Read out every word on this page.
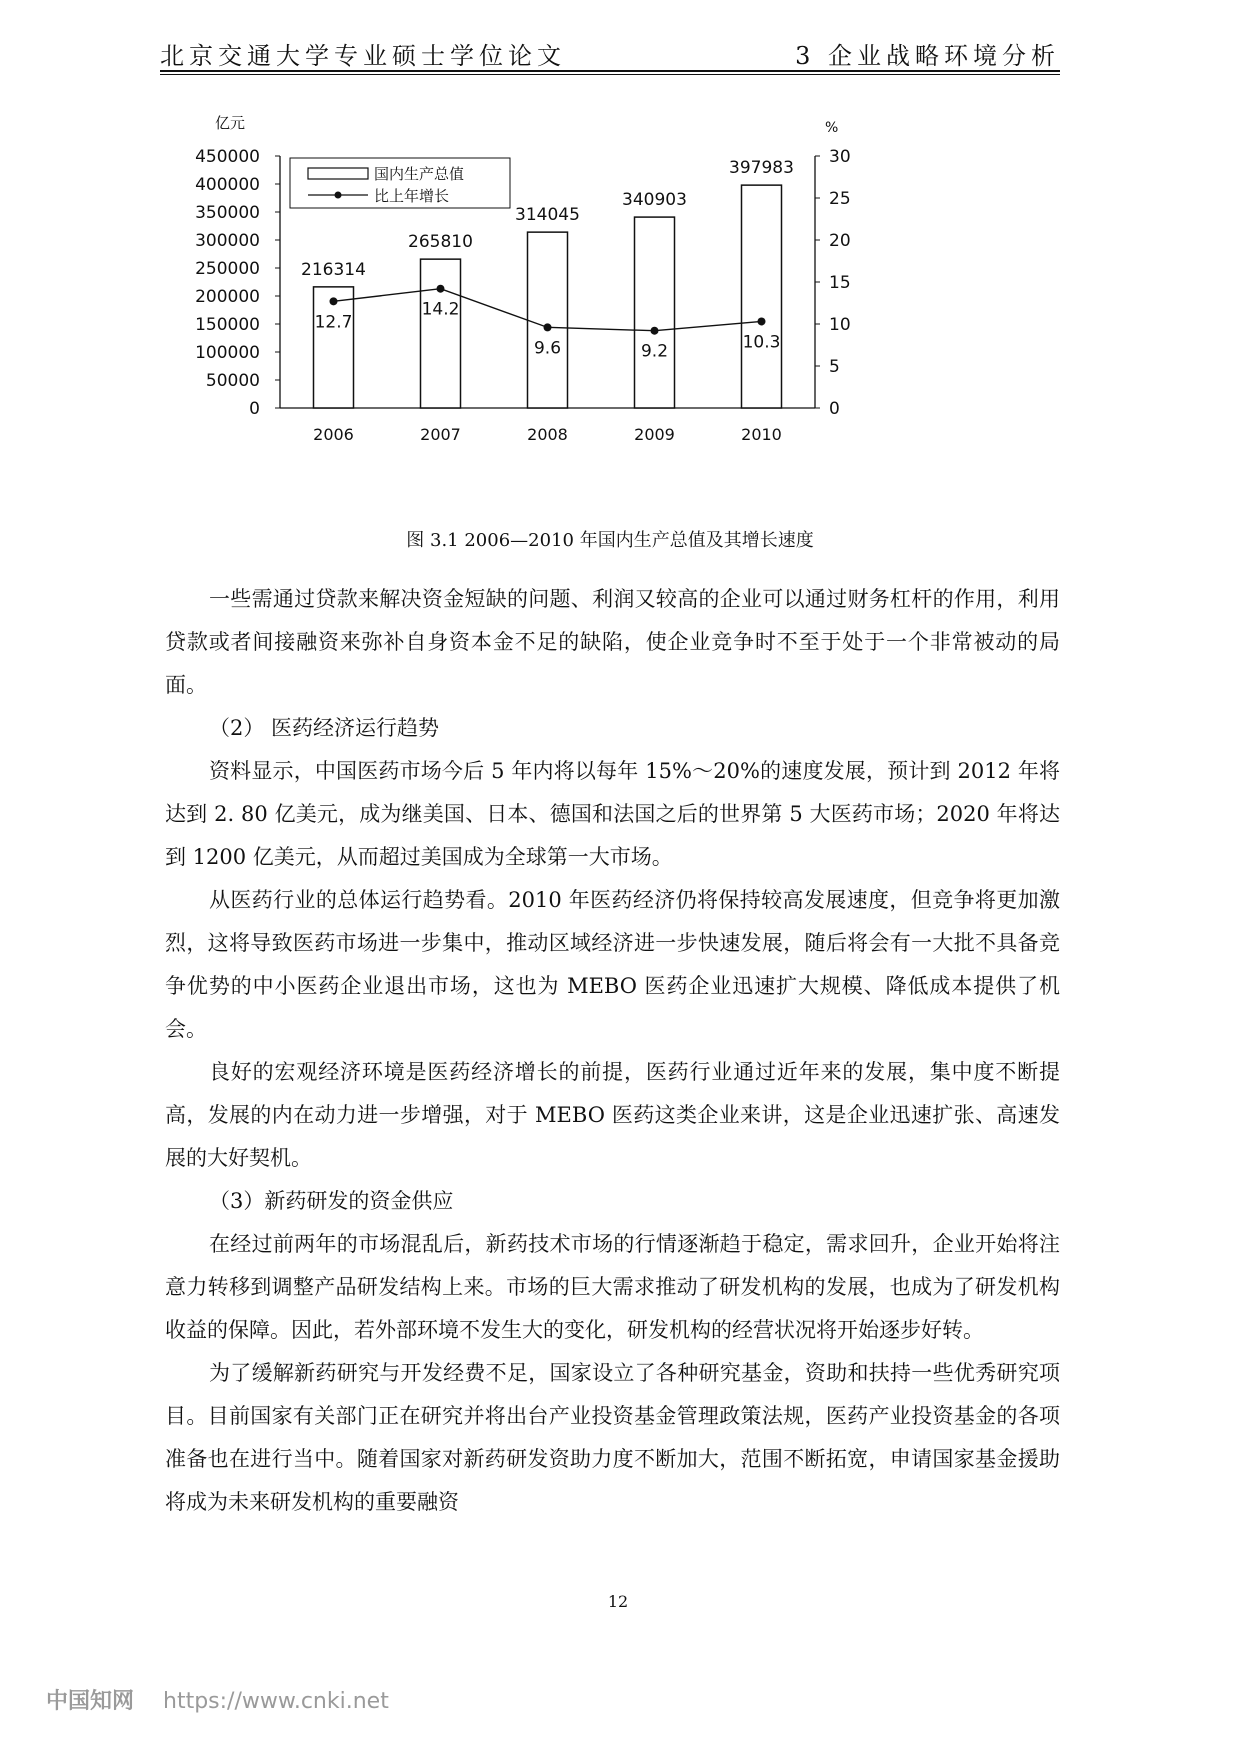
北京交通大学专业硕士学位论文	3 企业战略环境分析
亿元	%
450000
400000
350000
300000
250000
200000
150000
100000
50000
0
30
25
20
15
10
5
0
216314
2006
265810
2007
314045
2008
340903
2009
397983
2010
12.7
14.2
9.6	9.2	10.3
国内生产总值
比上年增长
图 3.1 2006—2010 年国内生产总值及其增长速度

一些需通过贷款来解决资金短缺的问题、利润又较高的企业可以通过财务杠杆的作用，利用贷款或者间接融资来弥补自身资本金不足的缺陷，使企业竞争时不至于处于一个非常被动的局面。

（2） 医药经济运行趋势

资料显示，中国医药市场今后 5 年内将以每年 15%～20%的速度发展，预计到 2012 年将达到 2. 80 亿美元，成为继美国、日本、德国和法国之后的世界第 5 大医药市场；2020 年将达到 1200 亿美元，从而超过美国成为全球第一大市场。

从医药行业的总体运行趋势看。2010 年医药经济仍将保持较高发展速度，但竞争将更加激烈，这将导致医药市场进一步集中，推动区域经济进一步快速发展，随后将会有一大批不具备竞争优势的中小医药企业退出市场，这也为 MEBO 医药企业迅速扩大规模、降低成本提供了机会。

良好的宏观经济环境是医药经济增长的前提，医药行业通过近年来的发展，集中度不断提高，发展的内在动力进一步增强，对于 MEBO 医药这类企业来讲，这是企业迅速扩张、高速发展的大好契机。

（3）新药研发的资金供应

在经过前两年的市场混乱后，新药技术市场的行情逐渐趋于稳定，需求回升，企业开始将注意力转移到调整产品研发结构上来。市场的巨大需求推动了研发机构的发展，也成为了研发机构收益的保障。因此，若外部环境不发生大的变化，研发机构的经营状况将开始逐步好转。

为了缓解新药研究与开发经费不足，国家设立了各种研究基金，资助和扶持一些优秀研究项目。目前国家有关部门正在研究并将出台产业投资基金管理政策法规，医药产业投资基金的各项准备也在进行当中。随着国家对新药研发资助力度不断加大，范围不断拓宽，申请国家基金援助将成为未来研发机构的重要融资

12
中国知网 https://www.cnki.net
